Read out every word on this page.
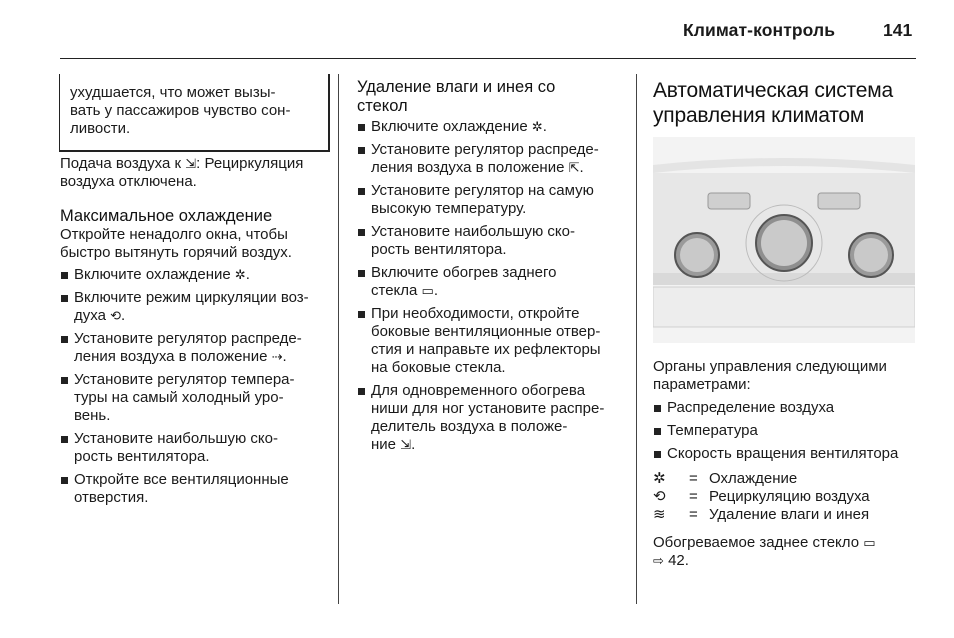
Климат-контроль	141

ухудшается, что может вызы-

вать у пассажиров чувство сон-

ливости.

Подача воздуха к ⇲: Рециркуляция

воздуха отключена.

Максимальное охлаждение

Откройте ненадолго окна, чтобы

быстро вытянуть горячий воздух.

Включите охлаждение ✲.
Включите режим циркуляции воз-
духа ⟲.
Установите регулятор распреде-
ления воздуха в положение ⇢.
Установите регулятор темпера-
туры на самый холодный уро-
вень.
Установите наибольшую ско-
рость вентилятора.
Откройте все вентиляционные
отверстия.
Удаление влаги и инея со
стекол
Включите охлаждение ✲.
Установите регулятор распреде-
ления воздуха в положение ⇱.
Установите регулятор на самую
высокую температуру.
Установите наибольшую ско-
рость вентилятора.
Включите обогрев заднего
стекла ▭.
При необходимости, откройте
боковые вентиляционные отвер-
стия и направьте их рефлекторы
на боковые стекла.
Для одновременного обогрева
ниши для ног установите распре-
делитель воздуха в положе-
ние ⇲.
Автоматическая система
управления климатом

Органы управления следующими

параметрами:

Распределение воздуха
Температура
Скорость вращения вентилятора
✲	= Охлаждение
⟲	= Рециркуляцию воздуха
≋	= Удаление влаги и инея

Обогреваемое заднее стекло ▭

⇨ 42.
